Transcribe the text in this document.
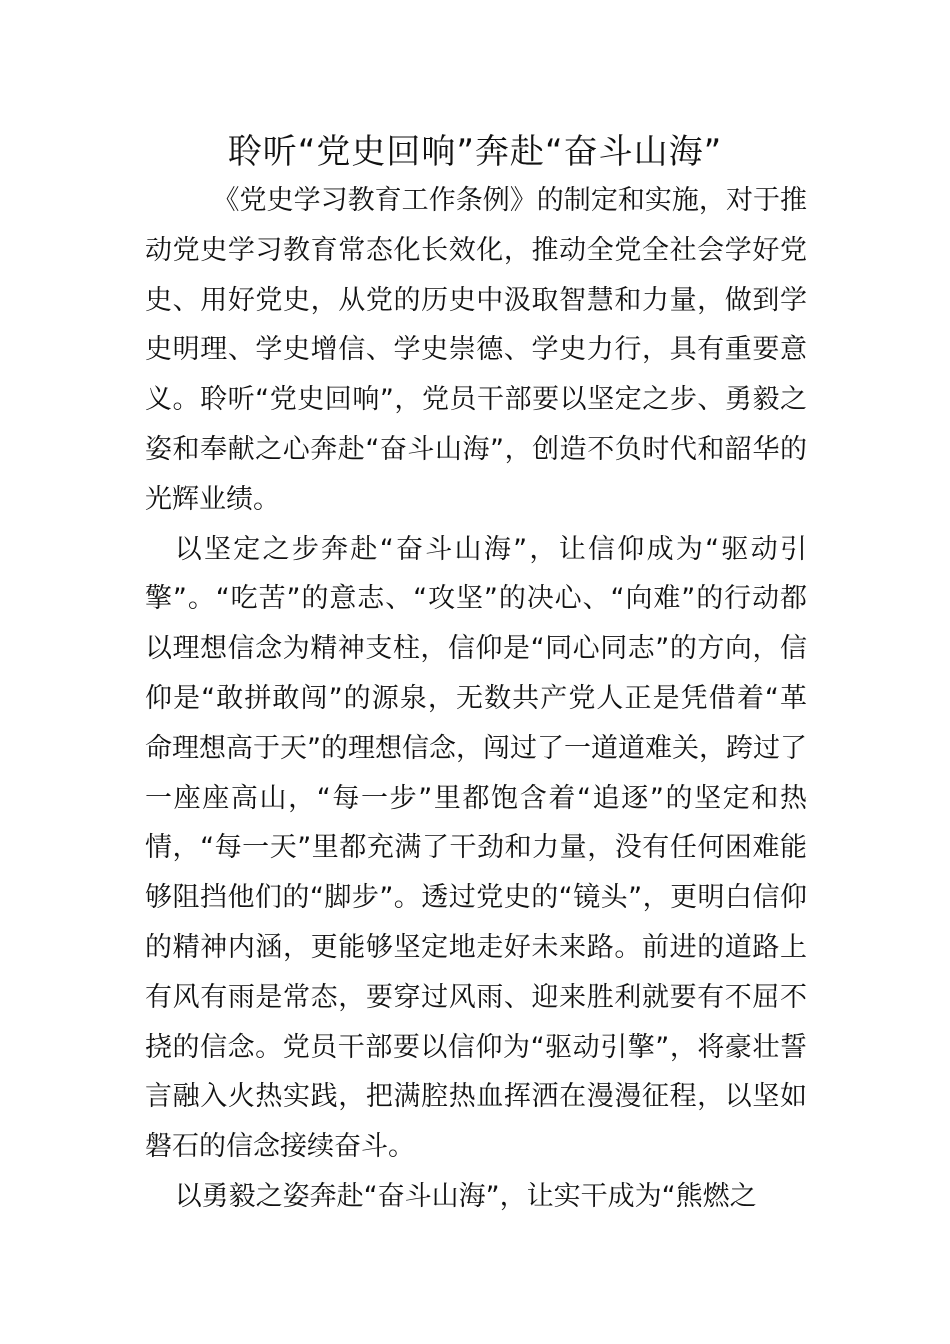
聆听“党史回响”奔赴“奋斗山海”

《党史学习教育工作条例》的制定和实施，对于推动党史学习教育常态化长效化，推动全党全社会学好党史、用好党史，从党的历史中汲取智慧和力量，做到学史明理、学史增信、学史崇德、学史力行，具有重要意义。聆听“党史回响”，党员干部要以坚定之步、勇毅之姿和奉献之心奔赴“奋斗山海”，创造不负时代和韶华的光辉业绩。

以坚定之步奔赴“奋斗山海”，让信仰成为“驱动引擎”。“吃苦”的意志、“攻坚”的决心、“向难”的行动都以理想信念为精神支柱，信仰是“同心同志”的方向，信仰是“敢拼敢闯”的源泉，无数共产党人正是凭借着“革命理想高于天”的理想信念，闯过了一道道难关，跨过了一座座高山，“每一步”里都饱含着“追逐”的坚定和热情，“每一天”里都充满了干劲和力量，没有任何困难能够阻挡他们的“脚步”。透过党史的“镜头”，更明白信仰的精神内涵，更能够坚定地走好未来路。前进的道路上有风有雨是常态，要穿过风雨、迎来胜利就要有不屈不挠的信念。党员干部要以信仰为“驱动引擎”，将豪壮誓言融入火热实践，把满腔热血挥洒在漫漫征程，以坚如磐石的信念接续奋斗。

以勇毅之姿奔赴“奋斗山海”，让实干成为“熊燃之
